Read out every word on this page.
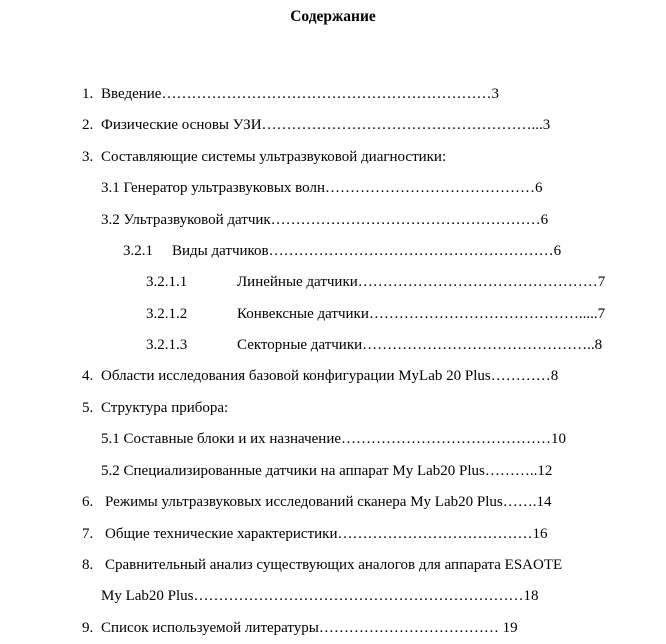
Содержание
1. Введение…………………………………………………………3
2. Физические основы УЗИ………………………………………………...3
3. Составляющие системы ультразвуковой диагностики:
3.1 Генератор ультразвуковых волн……………………………………6
3.2 Ультразвуковой датчик………………………………………………6
3.2.1 Виды датчиков…………………………………………………6
3.2.1.1	Линейные датчики…………………………………………7
3.2.1.2	Конвексные датчики…………………………………….....7
3.2.1.3	Секторные датчики………………………………………..8
4. Области исследования базовой конфигурации MyLab 20 Plus…………8
5. Структура прибора:
5.1 Составные блоки и их назначение……………………………………10
5.2 Специализированные датчики на аппарат My Lab20 Plus………..12
6. Режимы ультразвуковых исследований сканера My Lab20 Plus…….14
7. Общие технические характеристики…………………………………16
8. Сравнительный анализ существующих аналогов для аппарата ESAOTE
My Lab20 Plus…………………………………………………………18
9. Список используемой литературы……………………………… 19
